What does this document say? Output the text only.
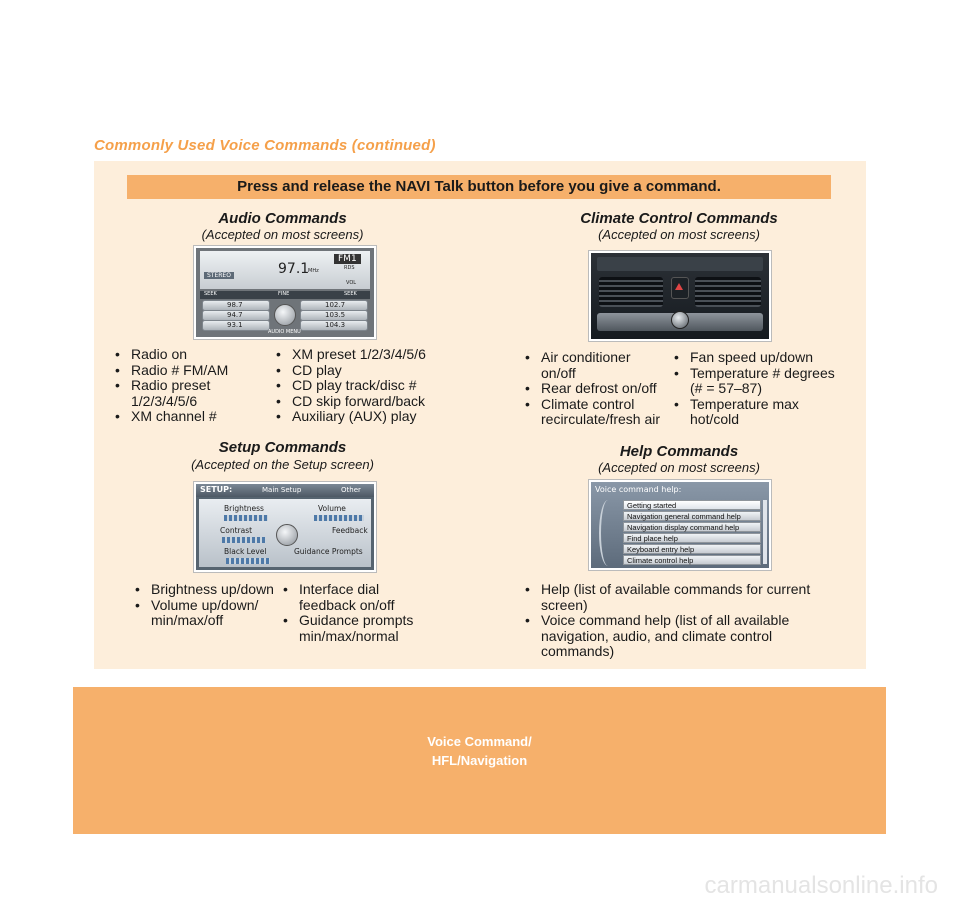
Commonly Used Voice Commands (continued)
Press and release the NAVI Talk button before you give a command.
Audio Commands
(Accepted on most screens)
STEREO	97.1
MHz
FM1
RDS
VOL
SEEK	FINE	SEEK
98.7
94.7
93.1
102.7
103.5
104.3
AUDIO MENU
• Radio on
• Radio # FM/AM
• Radio preset 1/2/3/4/5/6
• XM channel #
• XM preset 1/2/3/4/5/6
• CD play
• CD play track/disc #
• CD skip forward/back
• Auxiliary (AUX) play
Climate Control Commands
(Accepted on most screens)
• Air conditioner on/off
• Rear defrost on/off
• Climate control recirculate/fresh air
• Fan speed up/down
• Temperature # degrees (# = 57–87)
• Temperature max hot/cold
Setup Commands
(Accepted on the Setup screen)
SETUP:	Main Setup	Other
Brightness	Volume
Contrast	Feedback
Black Level	Guidance Prompts
• Brightness up/down
• Volume up/down/ min/max/off
• Interface dial feedback on/off
• Guidance prompts min/max/normal
Help Commands
(Accepted on most screens)
Voice command help:
Getting started
Navigation general command help
Navigation display command help
Find place help
Keyboard entry help
Climate control help
• Help (list of available commands for current screen)
• Voice command help (list of all available navigation, audio, and climate control commands)
Voice Command/
HFL/Navigation
carmanualsonline.info
